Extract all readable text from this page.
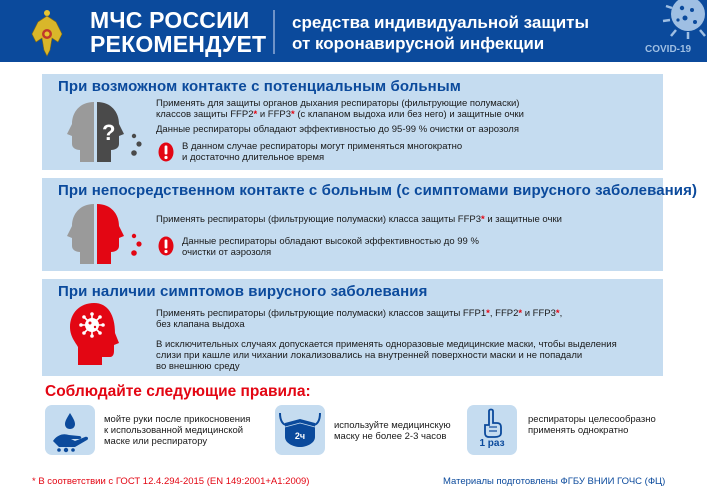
МЧС РОССИИ
РЕКОМЕНДУЕТ
средства индивидуальной защиты
от коронавирусной инфекции	COVID-19
При возможном контакте с потенциальным больным
?
Применять для защиты органов дыхания респираторы (фильтрующие полумаски)
классов защиты FFP2* и FFP3* (с клапаном выдоха или без него) и защитные очки
Данные респираторы обладают эффективностью до 95-99 % очистки от аэрозоля
В данном случае респираторы могут применяться многократно
и достаточно длительное время
При непосредственном контакте с больным (с симптомами вирусного заболевания)
Применять респираторы (фильтрующие полумаски) класса защиты FFP3* и защитные очки
Данные респираторы обладают высокой эффективностью до 99 %
очистки от аэрозоля
При наличии симптомов вирусного заболевания
Применять респираторы (фильтрующие полумаски) классов защиты FFP1*, FFP2* и FFP3*,
без клапана выдоха
В исключительных случаях допускается применять одноразовые медицинские маски, чтобы выделения
слизи при кашле или чихании локализовались на внутренней поверхности маски и не попадали
во внешнюю среду
Соблюдайте следующие правила:
мойте руки после прикосновения
к использованной медицинской
маске или респиратору	2ч
используйте медицинскую
маску не более 2-3 часов
1 раз
респираторы целесообразно
применять однократно
* В соответствии с ГОСТ 12.4.294-2015 (EN 149:2001+A1:2009)	Материалы подготовлены ФГБУ ВНИИ ГОЧС (ФЦ)
